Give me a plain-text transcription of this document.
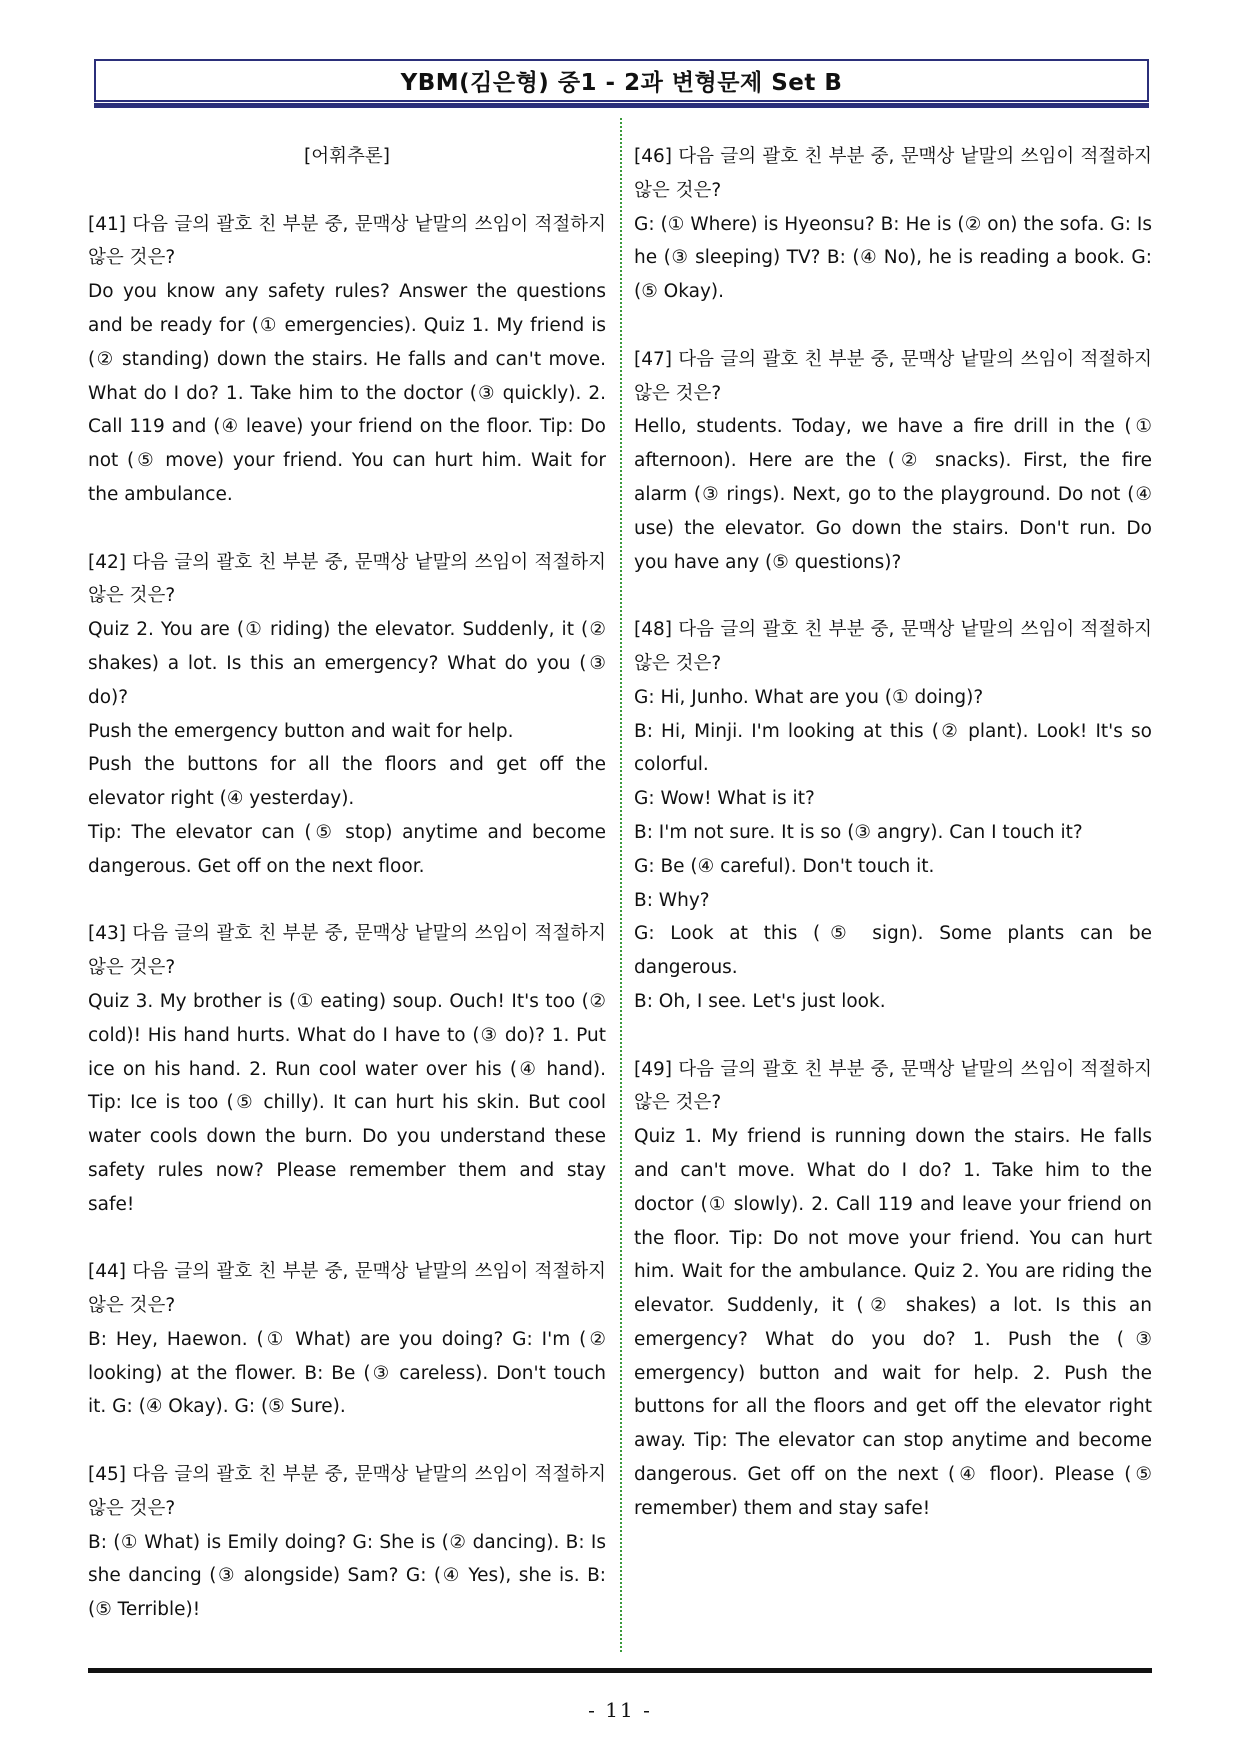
YBM(김은형) 중1 - 2과 변형문제 Set B

[어휘추론]

[41] 다음 글의 괄호 친 부분 중, 문맥상 낱말의 쓰임이 적절하지 않은 것은?

Do you know any safety rules? Answer the questions and be ready for (① emergencies). Quiz 1. My friend is (② standing) down the stairs. He falls and can't move. What do I do? 1. Take him to the doctor (③ quickly). 2. Call 119 and (④ leave) your friend on the floor. Tip: Do not (⑤ move) your friend. You can hurt him. Wait for the ambulance.

[42] 다음 글의 괄호 친 부분 중, 문맥상 낱말의 쓰임이 적절하지 않은 것은?

Quiz 2. You are (① riding) the elevator. Suddenly, it (② shakes) a lot. Is this an emergency? What do you (③ do)?

Push the emergency button and wait for help.

Push the buttons for all the floors and get off the elevator right (④ yesterday).

Tip: The elevator can (⑤ stop) anytime and become dangerous. Get off on the next floor.

[43] 다음 글의 괄호 친 부분 중, 문맥상 낱말의 쓰임이 적절하지 않은 것은?

Quiz 3. My brother is (① eating) soup. Ouch! It's too (② cold)! His hand hurts. What do I have to (③ do)? 1. Put ice on his hand. 2. Run cool water over his (④ hand). Tip: Ice is too (⑤ chilly). It can hurt his skin. But cool water cools down the burn. Do you understand these safety rules now? Please remember them and stay safe!

[44] 다음 글의 괄호 친 부분 중, 문맥상 낱말의 쓰임이 적절하지 않은 것은?

B: Hey, Haewon. (① What) are you doing? G: I'm (② looking) at the flower. B: Be (③ careless). Don't touch it. G: (④ Okay). G: (⑤ Sure).

[45] 다음 글의 괄호 친 부분 중, 문맥상 낱말의 쓰임이 적절하지 않은 것은?

B: (① What) is Emily doing? G: She is (② dancing). B: Is she dancing (③ alongside) Sam? G: (④ Yes), she is. B: (⑤ Terrible)!

[46] 다음 글의 괄호 친 부분 중, 문맥상 낱말의 쓰임이 적절하지 않은 것은?

G: (① Where) is Hyeonsu? B: He is (② on) the sofa. G: Is he (③ sleeping) TV? B: (④ No), he is reading a book. G: (⑤ Okay).

[47] 다음 글의 괄호 친 부분 중, 문맥상 낱말의 쓰임이 적절하지 않은 것은?

Hello, students. Today, we have a fire drill in the (① afternoon). Here are the (② snacks). First, the fire alarm (③ rings). Next, go to the playground. Do not (④ use) the elevator. Go down the stairs. Don't run. Do you have any (⑤ questions)?

[48] 다음 글의 괄호 친 부분 중, 문맥상 낱말의 쓰임이 적절하지 않은 것은?

G: Hi, Junho. What are you (① doing)?

B: Hi, Minji. I'm looking at this (② plant). Look! It's so colorful.

G: Wow! What is it?

B: I'm not sure. It is so (③ angry). Can I touch it?

G: Be (④ careful). Don't touch it.

B: Why?

G: Look at this (⑤ sign). Some plants can be dangerous.

B: Oh, I see. Let's just look.

[49] 다음 글의 괄호 친 부분 중, 문맥상 낱말의 쓰임이 적절하지 않은 것은?

Quiz 1. My friend is running down the stairs. He falls and can't move. What do I do? 1. Take him to the doctor (① slowly). 2. Call 119 and leave your friend on the floor. Tip: Do not move your friend. You can hurt him. Wait for the ambulance. Quiz 2. You are riding the elevator. Suddenly, it (② shakes) a lot. Is this an emergency? What do you do? 1. Push the (③ emergency) button and wait for help. 2. Push the buttons for all the floors and get off the elevator right away. Tip: The elevator can stop anytime and become dangerous. Get off on the next (④ floor). Please (⑤ remember) them and stay safe!

- 11 -
